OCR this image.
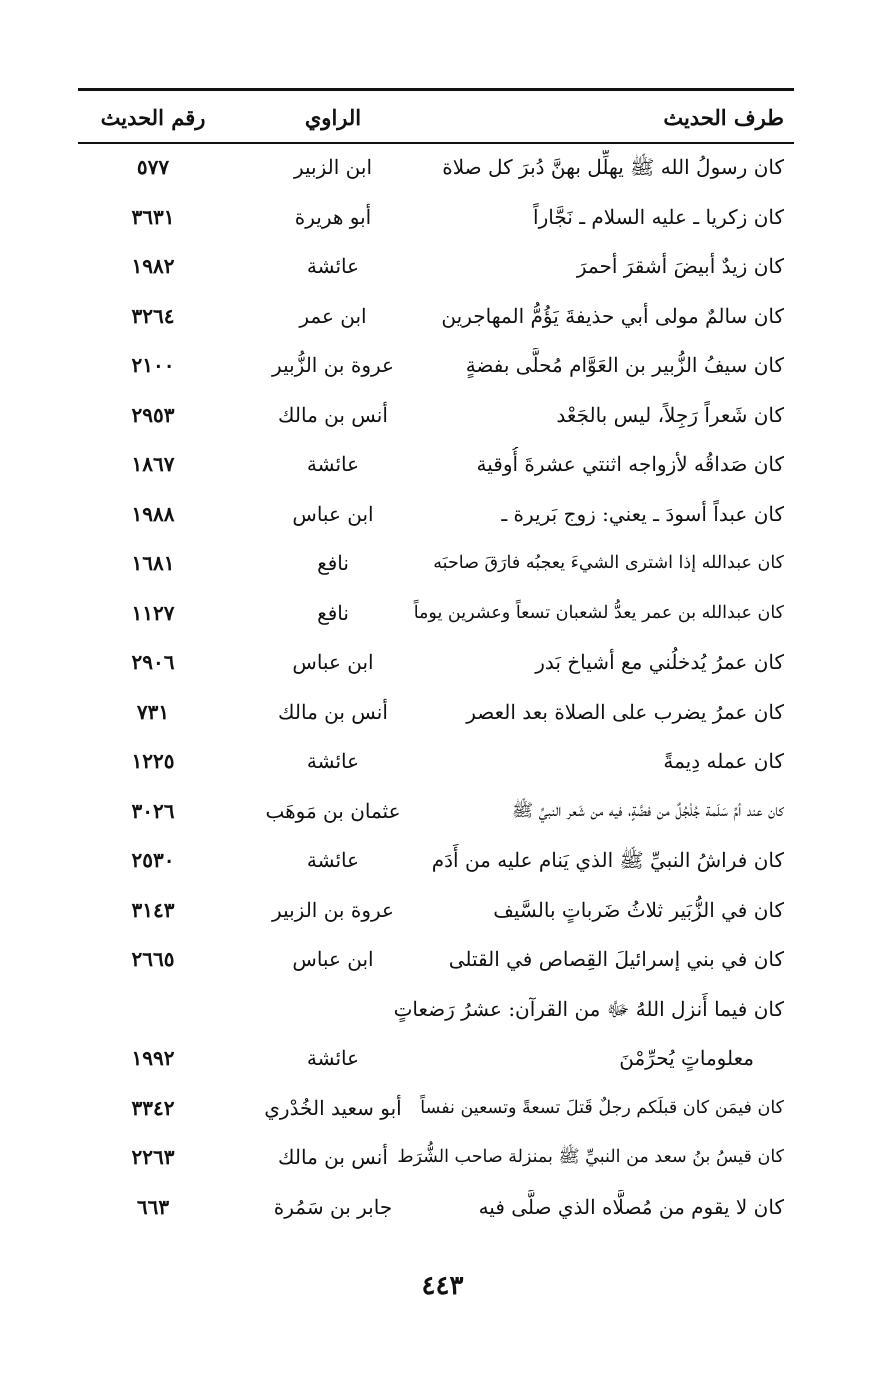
طرف الحديث
الراوي
رقم الحديث
كان رسولُ الله ﷺ يهلِّل بهنَّ دُبرَ كل صلاة
ابن الزبير
٥٧٧
كان زكريا ـ عليه السلام ـ نَجَّاراً
أبو هريرة
٣٦٣١
كان زيدٌ أبيضَ أشقرَ أحمرَ
عائشة
١٩٨٢
كان سالمٌ مولى أبي حذيفةَ يَؤُمُّ المهاجرين
ابن عمر
٣٢٦٤
كان سيفُ الزُّبير بن العَوَّام مُحلًّى بفضةٍ
عروة بن الزُّبير
٢١٠٠
كان شَعراً رَجِلاً، ليس بالجَعْد
أنس بن مالك
٢٩٥٣
كان صَداقُه لأزواجه اثنتي عشرةَ أُوقية
عائشة
١٨٦٧
كان عبداً أسودَ ـ يعني: زوج بَريرة ـ
ابن عباس
١٩٨٨
كان عبدالله إذا اشترى الشيءَ يعجبُه فارَقَ صاحبَه
نافع
١٦٨١
كان عبدالله بن عمر يعدُّ لشعبان تسعاً وعشرين يوماً
نافع
١١٢٧
كان عمرُ يُدخلُني مع أشياخ بَدر
ابن عباس
٢٩٠٦
كان عمرُ يضرب على الصلاة بعد العصر
أنس بن مالك
٧٣١
كان عمله دِيمةً
عائشة
١٢٢٥
كان عند أمِّ سَلَمة جُلْجُلٌ من فضَّةٍ، فيه من شَعر النبيِّ ﷺ
عثمان بن مَوهَب
٣٠٢٦
كان فراشُ النبيِّ ﷺ الذي يَنام عليه من أَدَم
عائشة
٢٥٣٠
كان في الزُّبَير ثلاثُ ضَرباتٍ بالسَّيف
عروة بن الزبير
٣١٤٣
كان في بني إسرائيلَ القِصاص في القتلى
ابن عباس
٢٦٦٥
كان فيما أَنزل اللهُ ﷻ من القرآن: عشرُ رَضعاتٍ
معلوماتٍ يُحرِّمْنَ
عائشة
١٩٩٢
كان فيمَن كان قبلَكم رجلٌ قَتلَ تسعةً وتسعين نفساً
أبو سعيد الخُدْري
٣٣٤٢
كان قيسُ بنُ سعد من النبيِّ ﷺ بمنزلة صاحب الشُّرَط
أنس بن مالك
٢٢٦٣
كان لا يقوم من مُصلَّاه الذي صلَّى فيه
جابر بن سَمُرة
٦٦٣
٤٤٣
